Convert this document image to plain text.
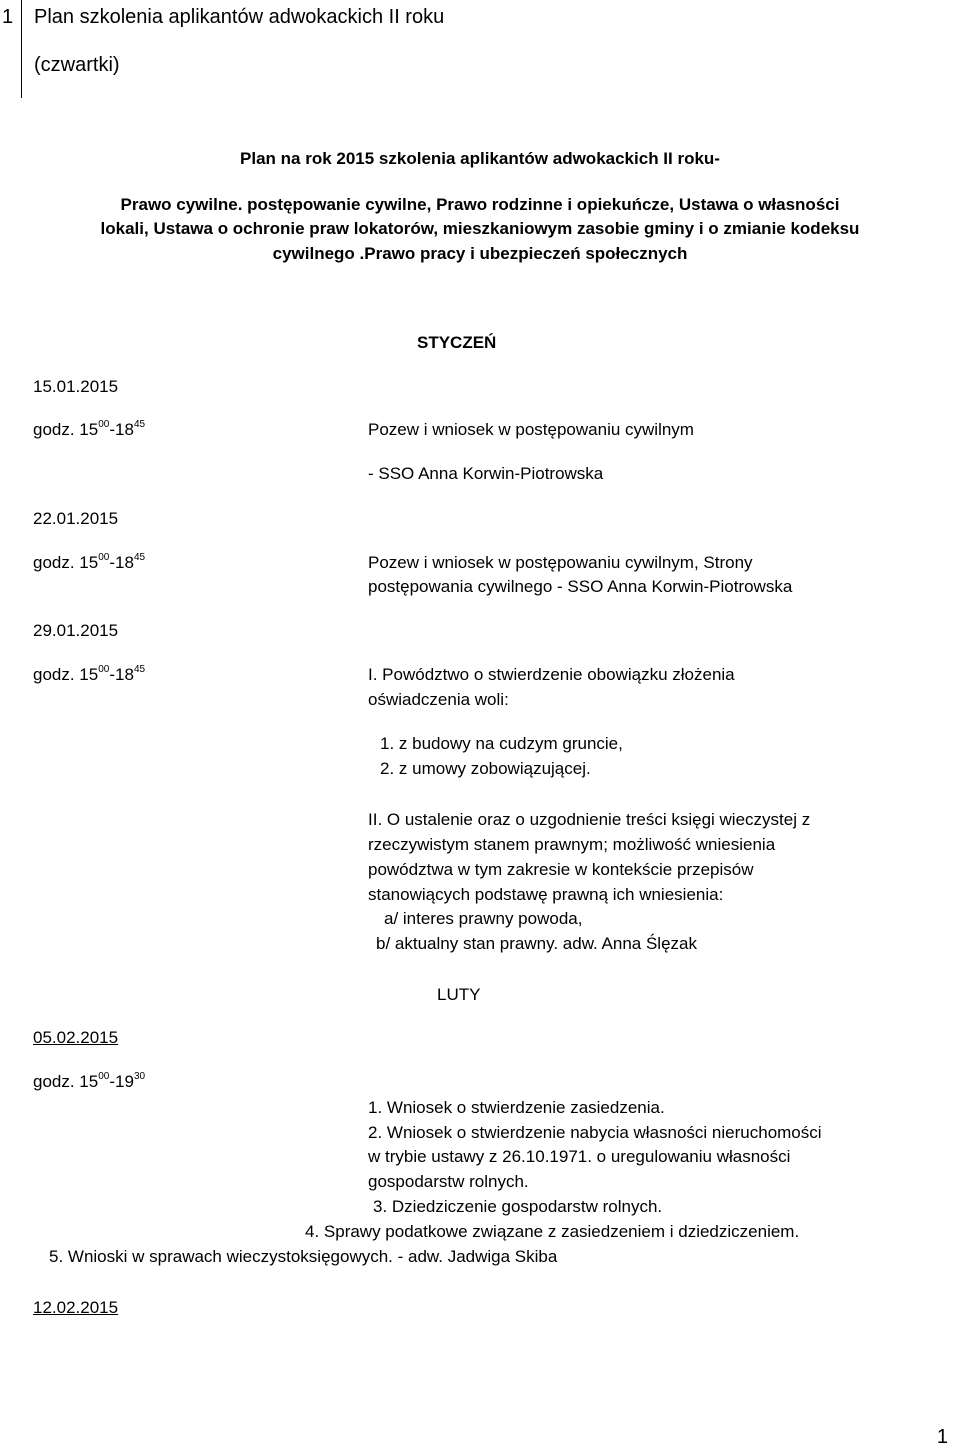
1 Plan szkolenia aplikantów adwokackich II roku
(czwartki)
Plan na rok 2015 szkolenia aplikantów adwokackich II roku-
Prawo cywilne. postępowanie cywilne, Prawo rodzinne i opiekuńcze, Ustawa o własności
lokali, Ustawa o ochronie praw lokatorów, mieszkaniowym zasobie gminy i o zmianie kodeksu
cywilnego .Prawo pracy i ubezpieczeń społecznych
STYCZEŃ
15.01.2015
godz. $15^{00}-18^{45}$	Pozew i wniosek w postępowaniu cywilnym
- SSO Anna Korwin-Piotrowska
22.01.2015
godz. $15^{00}-18^{45}$	Pozew i wniosek w postępowaniu cywilnym, Strony
postępowania cywilnego - SSO Anna Korwin-Piotrowska
29.01.2015
godz. $15^{00}-18^{45}$	I. Powództwo o stwierdzenie obowiązku złożenia
oświadczenia woli:
1. z budowy na cudzym gruncie,
2. z umowy zobowiązującej.
II. O ustalenie oraz o uzgodnienie treści księgi wieczystej z
rzeczywistym stanem prawnym; możliwość wniesienia
powództwa w tym zakresie w kontekście przepisów
stanowiących podstawę prawną ich wniesienia:
a/ interes prawny powoda,
b/ aktualny stan prawny. adw. Anna Ślęzak
LUTY
05.02.2015
godz. $15^{00}-19^{30}$
1. Wniosek o stwierdzenie zasiedzenia.
2. Wniosek o stwierdzenie nabycia własności nieruchomości
w trybie ustawy z 26.10.1971. o uregulowaniu własności
gospodarstw rolnych.
3. Dziedziczenie gospodarstw rolnych.
4. Sprawy podatkowe związane z zasiedzeniem i dziedziczeniem.
5. Wnioski w sprawach wieczystoksięgowych. - adw. Jadwiga Skiba
12.02.2015
1
